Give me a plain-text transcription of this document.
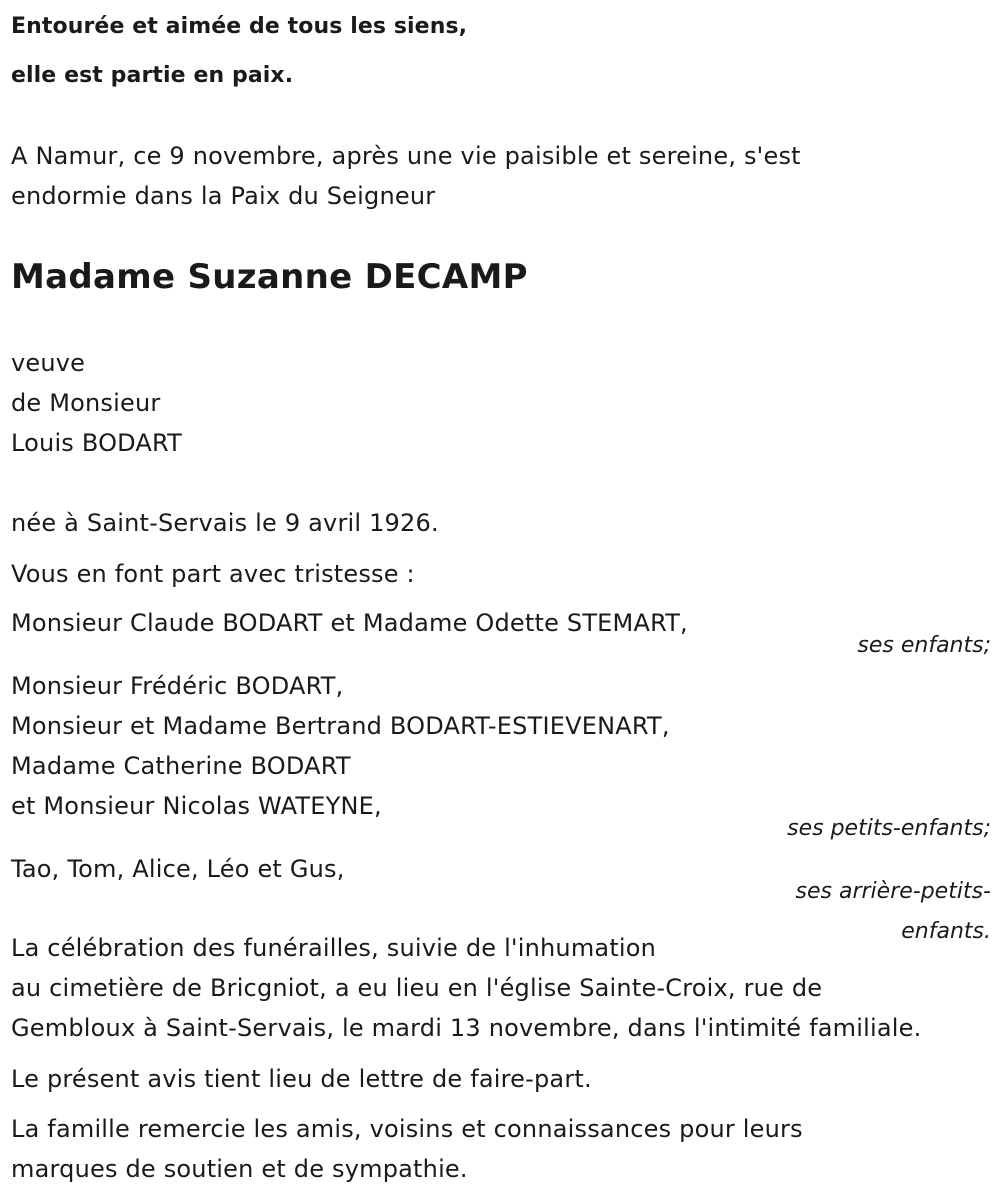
Entourée et aimée de tous les siens,
elle est partie en paix.
A Namur, ce 9 novembre, après une vie paisible et sereine, s'est
endormie dans la Paix du Seigneur
Madame Suzanne DECAMP
veuve
de Monsieur
Louis BODART
née à Saint-Servais le 9 avril 1926.
Vous en font part avec tristesse :
Monsieur Claude BODART et Madame Odette STEMART,
ses enfants;
Monsieur Frédéric BODART,
Monsieur et Madame Bertrand BODART-ESTIEVENART,
Madame Catherine BODART
et Monsieur Nicolas WATEYNE,
ses petits-enfants;
Tao, Tom, Alice, Léo et Gus,
ses arrière-petits-
enfants.
La célébration des funérailles, suivie de l'inhumation
au cimetière de Bricgniot, a eu lieu en l'église Sainte-Croix, rue de
Gembloux à Saint-Servais, le mardi 13 novembre, dans l'intimité familiale.
Le présent avis tient lieu de lettre de faire-part.
La famille remercie les amis, voisins et connaissances pour leurs
marques de soutien et de sympathie.
